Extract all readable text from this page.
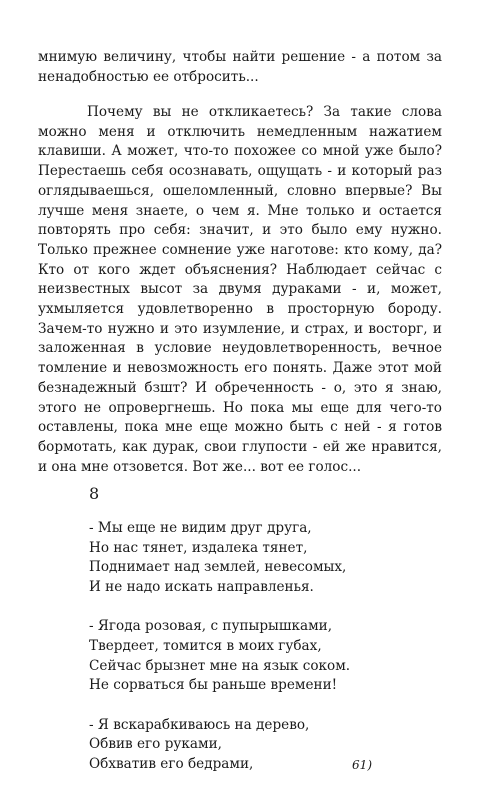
мнимую величину, чтобы найти решение - а потом за ненадобностью ее отбросить...

Почему вы не откликаетесь? За такие слова можно меня и отключить немедленным нажатием клавиши. А может, что-то похожее со мной уже было? Перестаешь себя осознавать, ощущать - и который раз оглядываешься, ошеломленный, словно впервые? Вы лучше меня знаете, о чем я. Мне только и остается повторять про себя: значит, и это было ему нужно. Только прежнее сомнение уже наготове: кто кому, да? Кто от кого ждет объяснения? Наблюдает сейчас с неизвестных высот за двумя дураками - и, может, ухмыляется удовлетворенно в просторную бороду. Зачем-то нужно и это изумление, и страх, и восторг, и заложенная в условие неудовлетворенность, вечное томление и невозможность его понять. Даже этот мой безнадежный бзшт? И обреченность - о, это я знаю, этого не опровергнешь. Но пока мы еще для чего-то оставлены, пока мне еще можно быть с ней - я готов бормотать, как дурак, свои глупости - ей же нравится, и она мне отзовется. Вот же... вот ее голос...

8
- Мы еще не видим друг друга,
Но нас тянет, издалека тянет,
Поднимает над землей, невесомых,
И не надо искать направленья.
- Ягода розовая, с пупырышками,
Твердеет, томится в моих губах,
Сейчас брызнет мне на язык соком.
Не сорваться бы раньше времени!
- Я вскарабкиваюсь на дерево,
Обвив его руками,
Обхватив его бедрами,	61)
